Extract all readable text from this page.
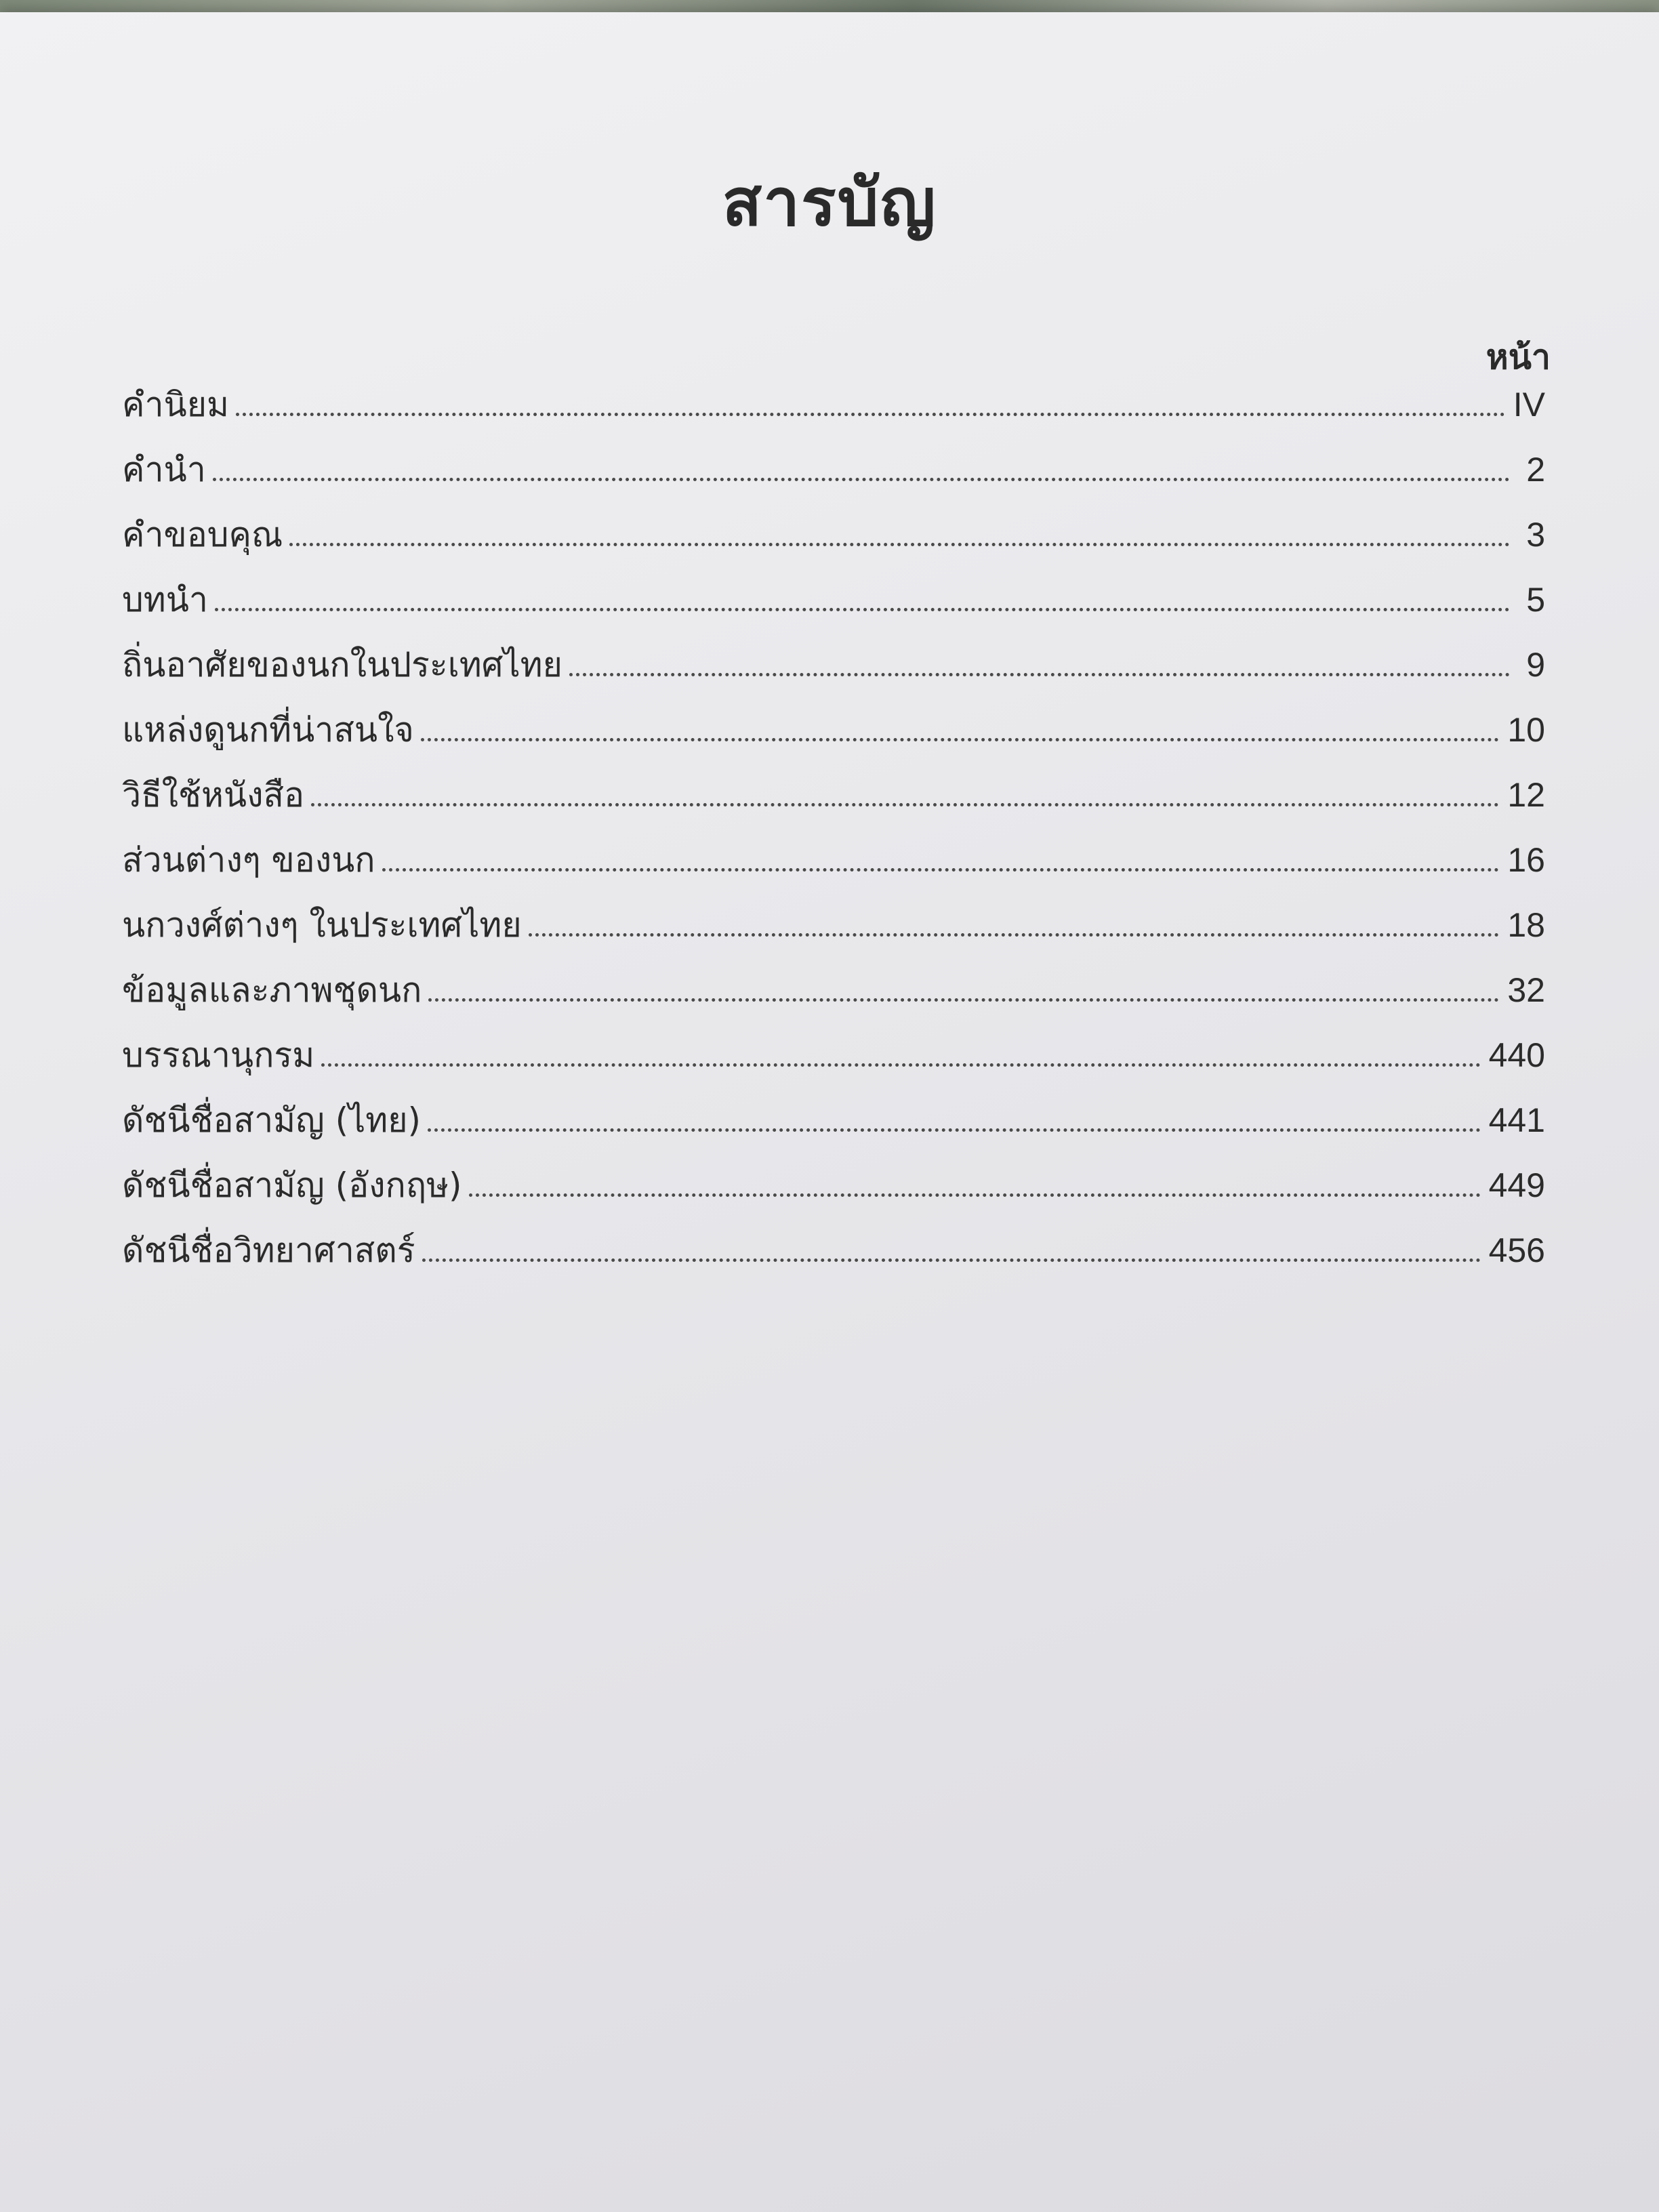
สารบัญ
หน้า
คำนิยม	IV
คำนำ	2
คำขอบคุณ	3
บทนำ	5
ถิ่นอาศัยของนกในประเทศไทย	9
แหล่งดูนกที่น่าสนใจ	10
วิธีใช้หนังสือ	12
ส่วนต่างๆ ของนก	16
นกวงศ์ต่างๆ ในประเทศไทย	18
ข้อมูลและภาพชุดนก	32
บรรณานุกรม	440
ดัชนีชื่อสามัญ (ไทย)	441
ดัชนีชื่อสามัญ (อังกฤษ)	449
ดัชนีชื่อวิทยาศาสตร์	456
